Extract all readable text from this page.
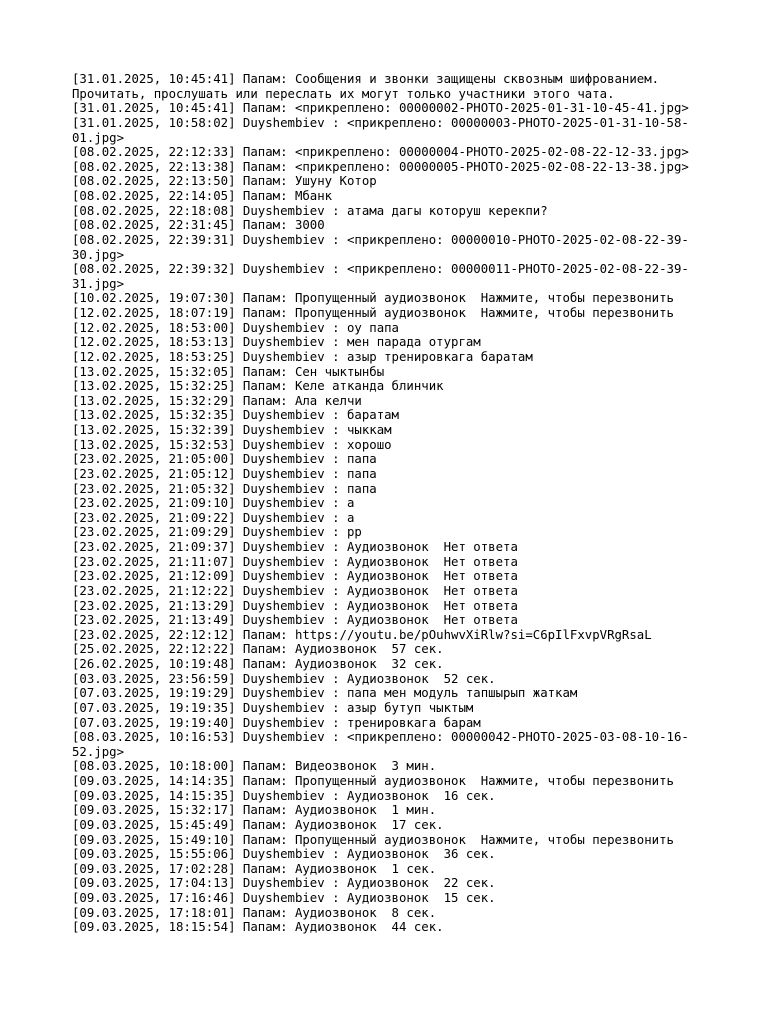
[31.01.2025, 10:45:41] Папам: Сообщения и звонки защищены сквозным шифрованием.
Прочитать, прослушать или переслать их могут только участники этого чата.
[31.01.2025, 10:45:41] Папам: <прикреплено: 00000002-PHOTO-2025-01-31-10-45-41.jpg>
[31.01.2025, 10:58:02] Duyshembiev : <прикреплено: 00000003-PHOTO-2025-01-31-10-58-
01.jpg>
[08.02.2025, 22:12:33] Папам: <прикреплено: 00000004-PHOTO-2025-02-08-22-12-33.jpg>
[08.02.2025, 22:13:38] Папам: <прикреплено: 00000005-PHOTO-2025-02-08-22-13-38.jpg>
[08.02.2025, 22:13:50] Папам: Ушуну Котор
[08.02.2025, 22:14:05] Папам: Мбанк
[08.02.2025, 22:18:08] Duyshembiev : атама дагы которуш керекпи?
[08.02.2025, 22:31:45] Папам: 3000
[08.02.2025, 22:39:31] Duyshembiev : <прикреплено: 00000010-PHOTO-2025-02-08-22-39-
30.jpg>
[08.02.2025, 22:39:32] Duyshembiev : <прикреплено: 00000011-PHOTO-2025-02-08-22-39-
31.jpg>
[10.02.2025, 19:07:30] Папам: Пропущенный аудиозвонок  Нажмите, чтобы перезвонить
[12.02.2025, 18:07:19] Папам: Пропущенный аудиозвонок  Нажмите, чтобы перезвонить
[12.02.2025, 18:53:00] Duyshembiev : оу папа
[12.02.2025, 18:53:13] Duyshembiev : мен парада отургам
[12.02.2025, 18:53:25] Duyshembiev : азыр тренировкага баратам
[13.02.2025, 15:32:05] Папам: Сен чыктынбы
[13.02.2025, 15:32:25] Папам: Келе атканда блинчик
[13.02.2025, 15:32:29] Папам: Ала келчи
[13.02.2025, 15:32:35] Duyshembiev : баратам
[13.02.2025, 15:32:39] Duyshembiev : чыккам
[13.02.2025, 15:32:53] Duyshembiev : хорошо
[23.02.2025, 21:05:00] Duyshembiev : папа
[23.02.2025, 21:05:12] Duyshembiev : папа
[23.02.2025, 21:05:32] Duyshembiev : папа
[23.02.2025, 21:09:10] Duyshembiev : а
[23.02.2025, 21:09:22] Duyshembiev : а
[23.02.2025, 21:09:29] Duyshembiev : рр
[23.02.2025, 21:09:37] Duyshembiev : Аудиозвонок  Нет ответа
[23.02.2025, 21:11:07] Duyshembiev : Аудиозвонок  Нет ответа
[23.02.2025, 21:12:09] Duyshembiev : Аудиозвонок  Нет ответа
[23.02.2025, 21:12:22] Duyshembiev : Аудиозвонок  Нет ответа
[23.02.2025, 21:13:29] Duyshembiev : Аудиозвонок  Нет ответа
[23.02.2025, 21:13:49] Duyshembiev : Аудиозвонок  Нет ответа
[23.02.2025, 22:12:12] Папам: https://youtu.be/pOuhwvXiRlw?si=C6pIlFxvpVRgRsaL
[25.02.2025, 22:12:22] Папам: Аудиозвонок  57 сек.
[26.02.2025, 10:19:48] Папам: Аудиозвонок  32 сек.
[03.03.2025, 23:56:59] Duyshembiev : Аудиозвонок  52 сек.
[07.03.2025, 19:19:29] Duyshembiev : папа мен модуль тапшырып жаткам
[07.03.2025, 19:19:35] Duyshembiev : азыр бутуп чыктым
[07.03.2025, 19:19:40] Duyshembiev : тренировкага барам
[08.03.2025, 10:16:53] Duyshembiev : <прикреплено: 00000042-PHOTO-2025-03-08-10-16-
52.jpg>
[08.03.2025, 10:18:00] Папам: Видеозвонок  3 мин.
[09.03.2025, 14:14:35] Папам: Пропущенный аудиозвонок  Нажмите, чтобы перезвонить
[09.03.2025, 14:15:35] Duyshembiev : Аудиозвонок  16 сек.
[09.03.2025, 15:32:17] Папам: Аудиозвонок  1 мин.
[09.03.2025, 15:45:49] Папам: Аудиозвонок  17 сек.
[09.03.2025, 15:49:10] Папам: Пропущенный аудиозвонок  Нажмите, чтобы перезвонить
[09.03.2025, 15:55:06] Duyshembiev : Аудиозвонок  36 сек.
[09.03.2025, 17:02:28] Папам: Аудиозвонок  1 сек.
[09.03.2025, 17:04:13] Duyshembiev : Аудиозвонок  22 сек.
[09.03.2025, 17:16:46] Duyshembiev : Аудиозвонок  15 сек.
[09.03.2025, 17:18:01] Папам: Аудиозвонок  8 сек.
[09.03.2025, 18:15:54] Папам: Аудиозвонок  44 сек.
